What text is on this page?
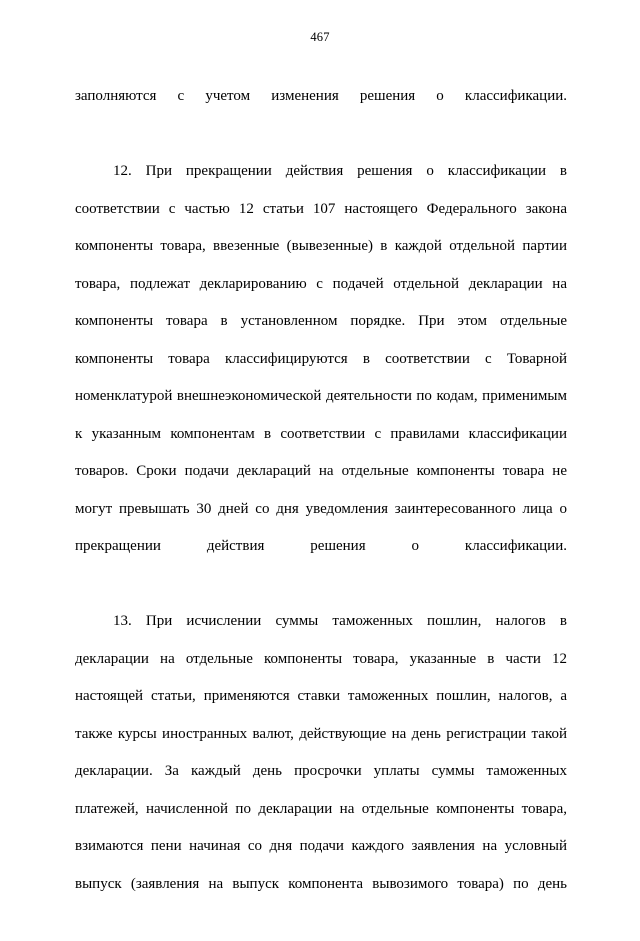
467

заполняются с учетом изменения решения о классификации.

12. При прекращении действия решения о классификации в соответствии с частью 12 статьи 107 настоящего Федерального закона компоненты товара, ввезенные (вывезенные) в каждой отдельной партии товара, подлежат декларированию с подачей отдельной декларации на компоненты товара в установленном порядке. При этом отдельные компоненты товара классифицируются в соответствии с Товарной номенклатурой внешнеэкономической деятельности по кодам, применимым к указанным компонентам в соответствии с правилами классификации товаров. Сроки подачи деклараций на отдельные компоненты товара не могут превышать 30 дней со дня уведомления заинтересованного лица о прекращении действия решения о классификации.

13. При исчислении суммы таможенных пошлин, налогов в декларации на отдельные компоненты товара, указанные в части 12 настоящей статьи, применяются ставки таможенных пошлин, налогов, а также курсы иностранных валют, действующие на день регистрации такой декларации. За каждый день просрочки уплаты суммы таможенных платежей, начисленной по декларации на отдельные компоненты товара, взимаются пени начиная со дня подачи каждого заявления на условный выпуск (заявления на выпуск компонента вывозимого товара) по день
